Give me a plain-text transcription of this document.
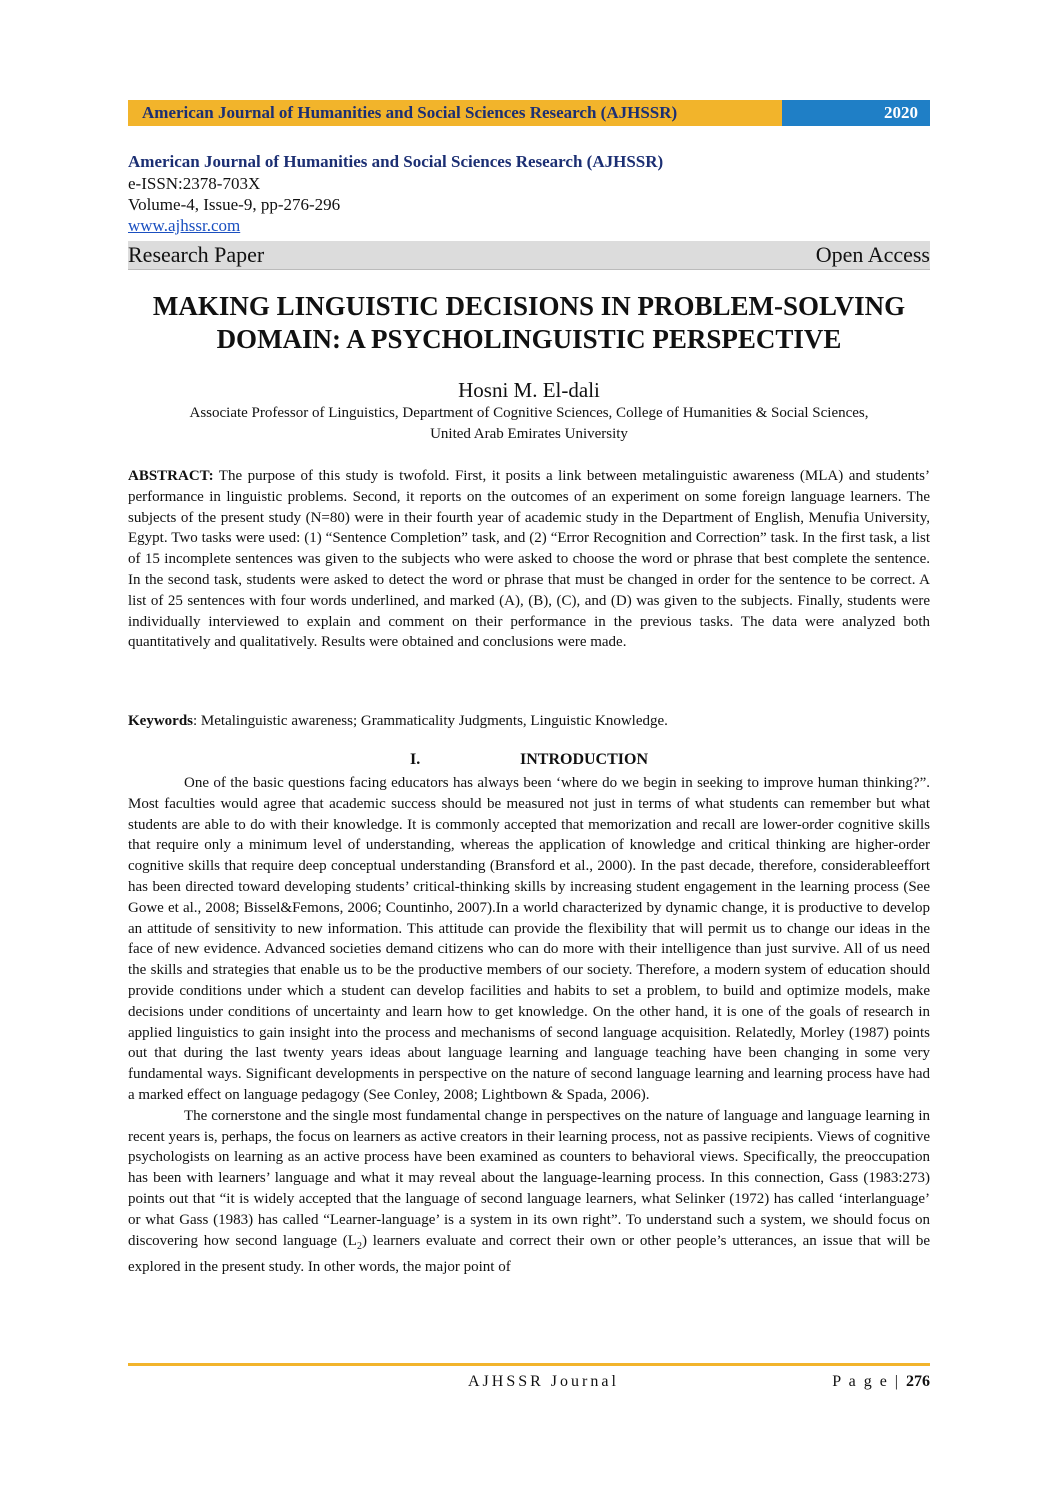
American Journal of Humanities and Social Sciences Research (AJHSSR)	2020
American Journal of Humanities and Social Sciences Research (AJHSSR)
e-ISSN:2378-703X
Volume-4, Issue-9, pp-276-296
www.ajhssr.com
Research Paper	Open Access
MAKING LINGUISTIC DECISIONS IN PROBLEM-SOLVING DOMAIN: A PSYCHOLINGUISTIC PERSPECTIVE
Hosni M. El-dali
Associate Professor of Linguistics, Department of Cognitive Sciences, College of Humanities & Social Sciences,
United Arab Emirates University
ABSTRACT: The purpose of this study is twofold. First, it posits a link between metalinguistic awareness (MLA) and students’ performance in linguistic problems. Second, it reports on the outcomes of an experiment on some foreign language learners. The subjects of the present study (N=80) were in their fourth year of academic study in the Department of English, Menufia University, Egypt. Two tasks were used: (1) “Sentence Completion” task, and (2) “Error Recognition and Correction” task. In the first task, a list of 15 incomplete sentences was given to the subjects who were asked to choose the word or phrase that best complete the sentence. In the second task, students were asked to detect the word or phrase that must be changed in order for the sentence to be correct. A list of 25 sentences with four words underlined, and marked (A), (B), (C), and (D) was given to the subjects. Finally, students were individually interviewed to explain and comment on their performance in the previous tasks. The data were analyzed both quantitatively and qualitatively. Results were obtained and conclusions were made.
Keywords: Metalinguistic awareness; Grammaticality Judgments, Linguistic Knowledge.
I.	INTRODUCTION

One of the basic questions facing educators has always been ‘where do we begin in seeking to improve human thinking?”. Most faculties would agree that academic success should be measured not just in terms of what students can remember but what students are able to do with their knowledge. It is commonly accepted that memorization and recall are lower-order cognitive skills that require only a minimum level of understanding, whereas the application of knowledge and critical thinking are higher-order cognitive skills that require deep conceptual understanding (Bransford et al., 2000). In the past decade, therefore, considerableeffort has been directed toward developing students’ critical-thinking skills by increasing student engagement in the learning process (See Gowe et al., 2008; Bissel&Femons, 2006; Countinho, 2007).In a world characterized by dynamic change, it is productive to develop an attitude of sensitivity to new information. This attitude can provide the flexibility that will permit us to change our ideas in the face of new evidence. Advanced societies demand citizens who can do more with their intelligence than just survive. All of us need the skills and strategies that enable us to be the productive members of our society. Therefore, a modern system of education should provide conditions under which a student can develop facilities and habits to set a problem, to build and optimize models, make decisions under conditions of uncertainty and learn how to get knowledge. On the other hand, it is one of the goals of research in applied linguistics to gain insight into the process and mechanisms of second language acquisition. Relatedly, Morley (1987) points out that during the last twenty years ideas about language learning and language teaching have been changing in some very fundamental ways. Significant developments in perspective on the nature of second language learning and learning process have had a marked effect on language pedagogy (See Conley, 2008; Lightbown & Spada, 2006).

The cornerstone and the single most fundamental change in perspectives on the nature of language and language learning in recent years is, perhaps, the focus on learners as active creators in their learning process, not as passive recipients. Views of cognitive psychologists on learning as an active process have been examined as counters to behavioral views. Specifically, the preoccupation has been with learners’ language and what it may reveal about the language-learning process. In this connection, Gass (1983:273) points out that “it is widely accepted that the language of second language learners, what Selinker (1972) has called ‘interlanguage’ or what Gass (1983) has called “Learner-language’ is a system in its own right”. To understand such a system, we should focus on discovering how second language $(L_2)$ learners evaluate and correct their own or other people’s utterances, an issue that will be explored in the present study. In other words, the major point of

AJHSSR Journal	P a g e | 276
